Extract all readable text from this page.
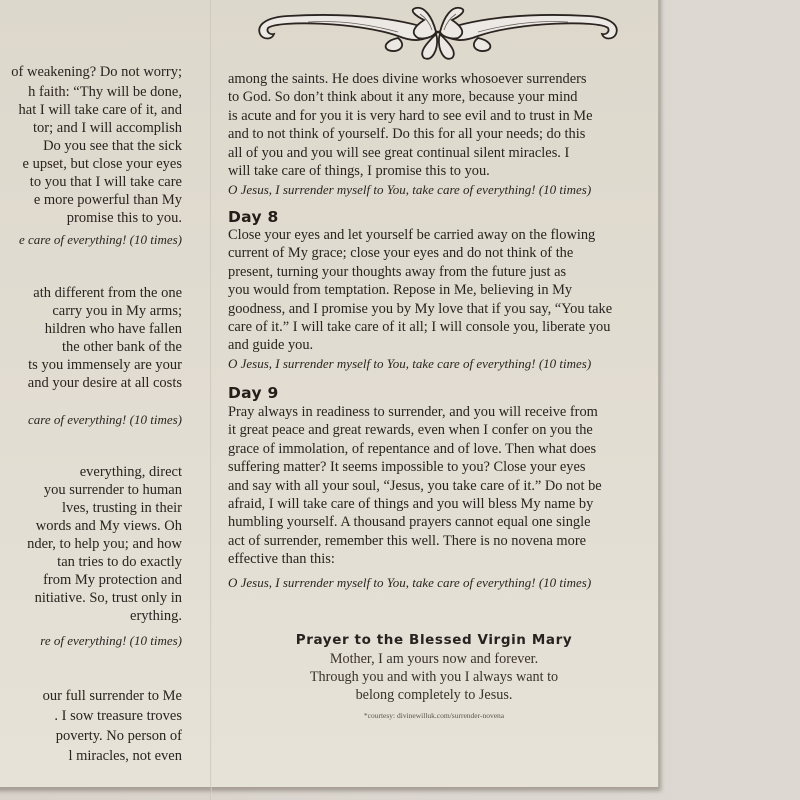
of weakening? Do not worry;
h faith: “Thy will be done,
hat I will take care of it, and
tor; and I will accomplish
Do you see that the sick
e upset, but close your eyes
to you that I will take care
e more powerful than My
promise this to you.
e care of everything! (10 times)
ath different from the one
carry you in My arms;
hildren who have fallen
the other bank of the
ts you immensely are your
and your desire at all costs
care of everything! (10 times)
everything, direct
you surrender to human
lves, trusting in their
words and My views. Oh
nder, to help you; and how
tan tries to do exactly
from My protection and
nitiative. So, trust only in
erything.
re of everything! (10 times)
our full surrender to Me
. I sow treasure troves
poverty. No person of
l miracles, not even
among the saints. He does divine works whosoever surrenders
to God. So don’t think about it any more, because your mind
is acute and for you it is very hard to see evil and to trust in Me
and to not think of yourself. Do this for all your needs; do this
all of you and you will see great continual silent miracles. I
will take care of things, I promise this to you.
O Jesus, I surrender myself to You, take care of everything! (10 times)
Day 8
Close your eyes and let yourself be carried away on the flowing
current of My grace; close your eyes and do not think of the
present, turning your thoughts away from the future just as
you would from temptation. Repose in Me, believing in My
goodness, and I promise you by My love that if you say, “You take
care of it.” I will take care of it all; I will console you, liberate you
and guide you.
O Jesus, I surrender myself to You, take care of everything! (10 times)
Day 9
Pray always in readiness to surrender, and you will receive from
it great peace and great rewards, even when I confer on you the
grace of immolation, of repentance and of love. Then what does
suffering matter? It seems impossible to you? Close your eyes
and say with all your soul, “Jesus, you take care of it.” Do not be
afraid, I will take care of things and you will bless My name by
humbling yourself. A thousand prayers cannot equal one single
act of surrender, remember this well. There is no novena more
effective than this:
O Jesus, I surrender myself to You, take care of everything! (10 times)
Prayer to the Blessed Virgin Mary
Mother, I am yours now and forever.
Through you and with you I always want to
belong completely to Jesus.
*courtesy: divinewilluk.com/surrender-novena
